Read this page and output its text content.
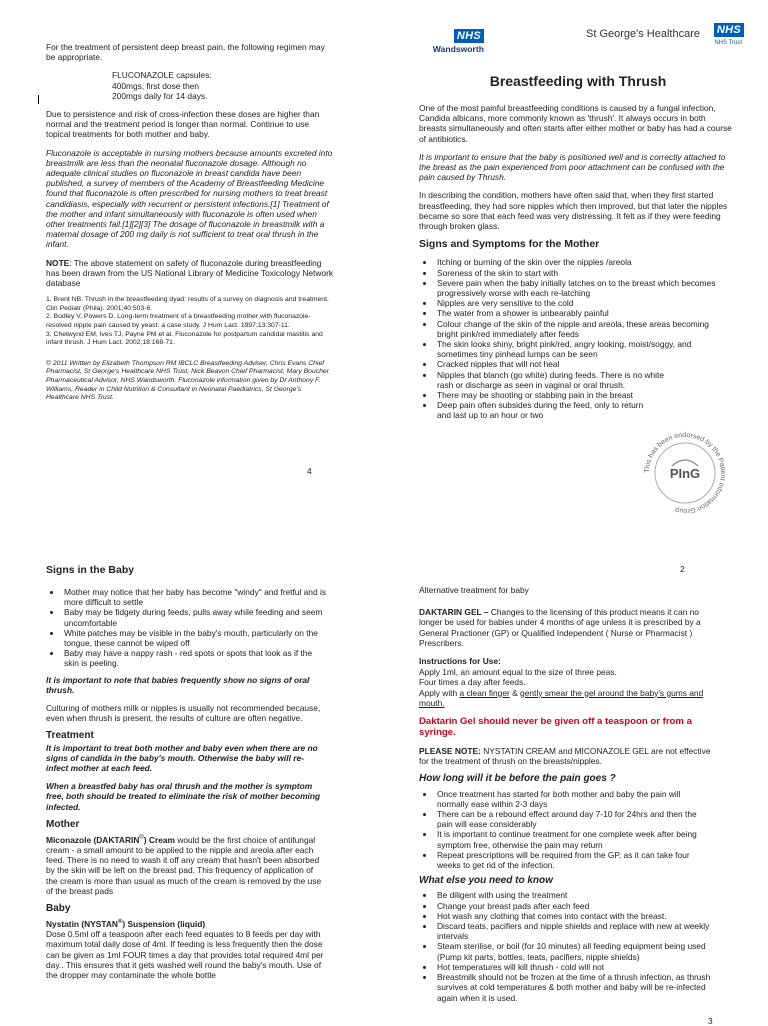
For the treatment of persistent deep breast pain, the following regimen may be appropriate.

FLUCONAZOLE capsules:
400mgs, first dose then
200mgs daily for 14 days.

Due to persistence and risk of cross-infection these doses are higher than normal and the treatment period is longer than normal. Continue to use topical treatments for both mother and baby.

Fluconazole is acceptable in nursing mothers because amounts excreted into breastmilk are less than the neonatal fluconazole dosage. Although no adequate clinical studies on fluconazole in breast candida have been published, a survey of members of the Academy of Breastfeeding Medicine found that fluconazole is often prescribed for nursing mothers to treat breast candidiasis, especially with recurrent or persistent infections.[1] Treatment of the mother and infant simultaneously with fluconazole is often used when other treatments fail.[1][2][3] The dosage of fluconazole in breastmilk with a maternal dosage of 200 mg daily is not sufficient to treat oral thrush in the infant.

NOTE: The above statement on safety of fluconazole during breastfeeding has been drawn from the US National Library of Medicine Toxicology Network database

1. Brent NB. Thrush in the breastfeeding dyad: results of a survey on diagnosis and treatment. Clin Pediatr (Phila). 2001;40:503-6.
2. Bodley V, Powers D. Long-term treatment of a breastfeeding mother with fluconazole-resolved nipple pain caused by yeast: a case study. J Hum Lact. 1997;13:307-11.
3. Chetwynd EM, Ives TJ, Payne PM et al. Fluconazole for postpartum candidal mastitis and infant thrush. J Hum Lact. 2002;18:168-71.
© 2011 Written by Elizabeth Thompson RM IBCLC Breastfeeding Adviser, Chris Evans Chief Pharmacist, St George's Healthcare NHS Trust, Nick Beavon Chief Pharmacist, Mary Boucher Pharmaceutical Advisor, NHS Wandsworth. Fluconazole information given by Dr Anthony F. Williams, Reader in Child Nutrition & Consultant in Neonatal Paediatrics, St George's Healthcare NHS Trust.
4
NHS
Wandsworth
St George's Healthcare NHS
NHS Trust
Breastfeeding with Thrush

One of the most painful breastfeeding conditions is caused by a fungal infection, Candida albicans, more commonly known as 'thrush'. It always occurs in both breasts simultaneously and often starts after either mother or baby has had a course of antibiotics.

It is important to ensure that the baby is positioned well and is correctly attached to the breast as the pain experienced from poor attachment can be confused with the pain caused by Thrush.

In describing the condition, mothers have often said that, when they first started breastfeeding, they had sore nipples which then improved, but that later the nipples became so sore that each feed was very distressing. It felt as if they were feeding through broken glass.

Signs and Symptoms for the Mother
• Itching or burning of the skin over the nipples /areola
• Soreness of the skin to start with
• Severe pain when the baby initially latches on to the breast which becomes progressively worse with each re-latching
• Nipples are very sensitive to the cold
• The water from a shower is unbearably painful
• Colour change of the skin of the nipple and areola, these areas becoming bright pink/red immediately after feeds
• The skin looks shiny, bright pink/red, angry looking, moist/soggy, and sometimes tiny pinhead lumps can be seen
• Cracked nipples that will not heal
• Nipples that blanch (go white) during feeds. There is no white rash or discharge as seen in vaginal or oral thrush.
• There may be shooting or stabbing pain in the breast
• Deep pain often subsides during the feed, only to return and last up to an hour or two
This has been endorsed by the Patient Information Group
PInG
Signs in the Baby
• Mother may notice that her baby has become "windy" and fretful and is more difficult to settle
• Baby may be fidgety during feeds, pulls away while feeding and seem uncomfortable
• White patches may be visible in the baby's mouth, particularly on the tongue, these cannot be wiped off
• Baby may have a nappy rash - red spots or spots that look as if the skin is peeling.

It is important to note that babies frequently show no signs of oral thrush.

Culturing of mothers milk or nipples is usually not recommended because, even when thrush is present, the results of culture are often negative.

Treatment

It is important to treat both mother and baby even when there are no signs of candida in the baby's mouth. Otherwise the baby will re-infect mother at each feed.

When a breastfed baby has oral thrush and the mother is symptom free, both should be treated to eliminate the risk of mother becoming infected.

Mother

Miconazole (DAKTARIN®) Cream would be the first choice of antifungal cream - a small amount to be applied to the nipple and areola after each feed. There is no need to wash it off any cream that hasn't been absorbed by the skin will be left on the breast pad. This frequency of application of the cream is more than usual as much of the cream is removed by the use of the breast pads

Baby
Nystatin (NYSTAN®) Suspension (liquid)

Dose 0.5ml off a teaspoon after each feed equates to 8 feeds per day with maximum total daily dose of 4ml. If feeding is less frequently then the dose can be given as 1ml FOUR times a day that provides total required 4ml per day.. This ensures that it gets washed well round the baby's mouth. Use of the dropper may contaminate the whole bottle

2

Alternative treatment for baby

DAKTARIN GEL – Changes to the licensing of this product means it can no longer be used for babies under 4 months of age unless it is prescribed by a General Practioner (GP) or Qualified Independent ( Nurse or Pharmacist ) Prescribers.

Instructions for Use:
Apply 1ml, an amount equal to the size of three peas.
Four times a day after feeds.

Apply with a clean finger & gently smear the gel around the baby's gums and mouth.

Daktarin Gel should never be given off a teaspoon or from a syringe.

PLEASE NOTE: NYSTATIN CREAM and MICONAZOLE GEL are not effective for the treatment of thrush on the breasts/nipples.

How long will it be before the pain goes ?
• Once treatment has started for both mother and baby the pain will normally ease within 2-3 days
• There can be a rebound effect around day 7-10 for 24hrs and then the pain will ease considerably
• It is important to continue treatment for one complete week after being symptom free, otherwise the pain may return
• Repeat prescriptions will be required from the GP, as it can take four weeks to get rid of the infection.
What else you need to know
• Be diligent with using the treatment
• Change your breast pads after each feed
• Hot wash any clothing that comes into contact with the breast.
• Discard teats, pacifiers and nipple shields and replace with new at weekly intervals
• Steam sterilise, or boil (for 10 minutes) all feeding equipment being used (Pump kit parts, bottles, teats, pacifiers, nipple shields)
• Hot temperatures will kill thrush - cold will not
• Breastmilk should not be frozen at the time of a thrush infection, as thrush survives at cold temperatures & both mother and baby will be re-infected again when it is used.
3
